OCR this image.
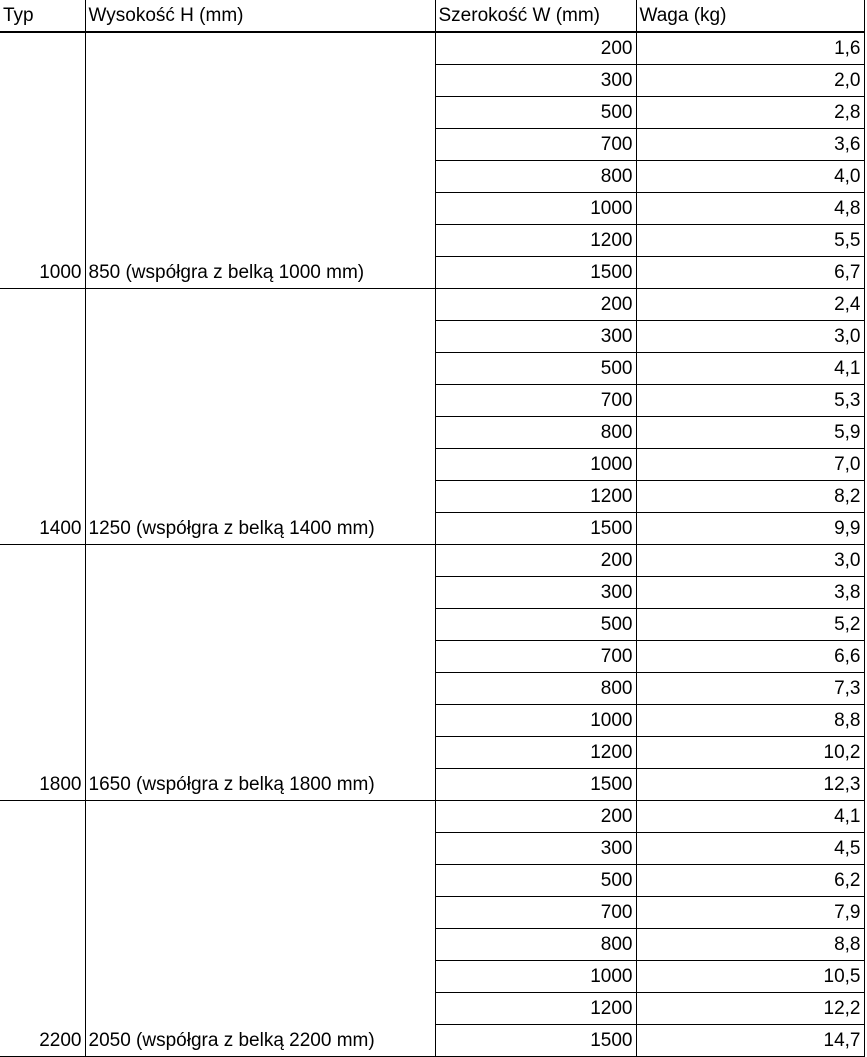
Typ	Wysokość H (mm)	Szerokość W (mm)	Waga (kg)
1000	850 (współgra z belką 1000 mm)	200	1,6
		300	2,0
		500	2,8
		700	3,6
		800	4,0
		1000	4,8
		1200	5,5
		1500	6,7
1400	1250 (współgra z belką 1400 mm)	200	2,4
		300	3,0
		500	4,1
		700	5,3
		800	5,9
		1000	7,0
		1200	8,2
		1500	9,9
1800	1650 (współgra z belką 1800 mm)	200	3,0
		300	3,8
		500	5,2
		700	6,6
		800	7,3
		1000	8,8
		1200	10,2
		1500	12,3
2200	2050 (współgra z belką 2200 mm)	200	4,1
		300	4,5
		500	6,2
		700	7,9
		800	8,8
		1000	10,5
		1200	12,2
		1500	14,7
